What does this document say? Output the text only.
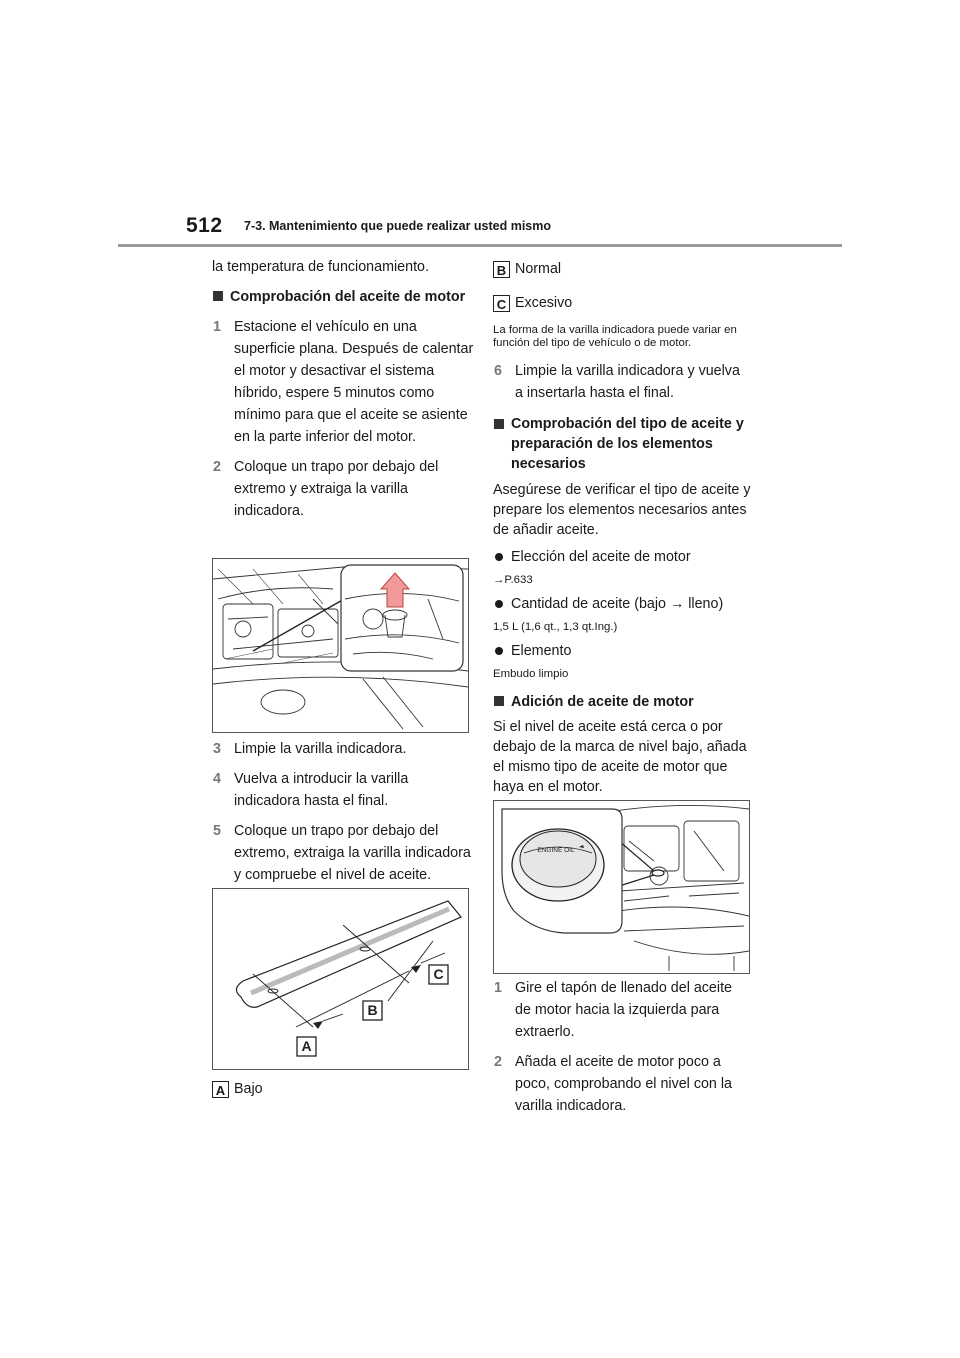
512 7-3. Mantenimiento que puede realizar usted mismo

la temperatura de funcionamiento.

Comprobación del aceite de motor

1 Estacione el vehículo en una superficie plana. Después de calentar el motor y desactivar el sistema híbrido, espere 5 minutos como mínimo para que el aceite se asiente en la parte inferior del motor.
2 Coloque un trapo por debajo del extremo y extraiga la varilla indicadora.
3 Limpie la varilla indicadora.
4 Vuelva a introducir la varilla indicadora hasta el final.
5 Coloque un trapo por debajo del extremo, extraiga la varilla indicadora y compruebe el nivel de aceite.
C
B
A
A Bajo
B Normal
C Excesivo

La forma de la varilla indicadora puede variar en función del tipo de vehículo o de motor.

6 Limpie la varilla indicadora y vuelva a insertarla hasta el final.

Comprobación del tipo de aceite y preparación de los elementos necesarios

Asegúrese de verificar el tipo de aceite y prepare los elementos necesarios antes de añadir aceite.

Elección del aceite de motor

→P.633

Cantidad de aceite (bajo → lleno)

1,5 L (1,6 qt., 1,3 qt.Ing.)

Elemento

Embudo limpio

Adición de aceite de motor

Si el nivel de aceite está cerca o por debajo de la marca de nivel bajo, añada el mismo tipo de aceite de motor que haya en el motor.

ENGINE OIL
1 Gire el tapón de llenado del aceite de motor hacia la izquierda para extraerlo.
2 Añada el aceite de motor poco a poco, comprobando el nivel con la varilla indicadora.
